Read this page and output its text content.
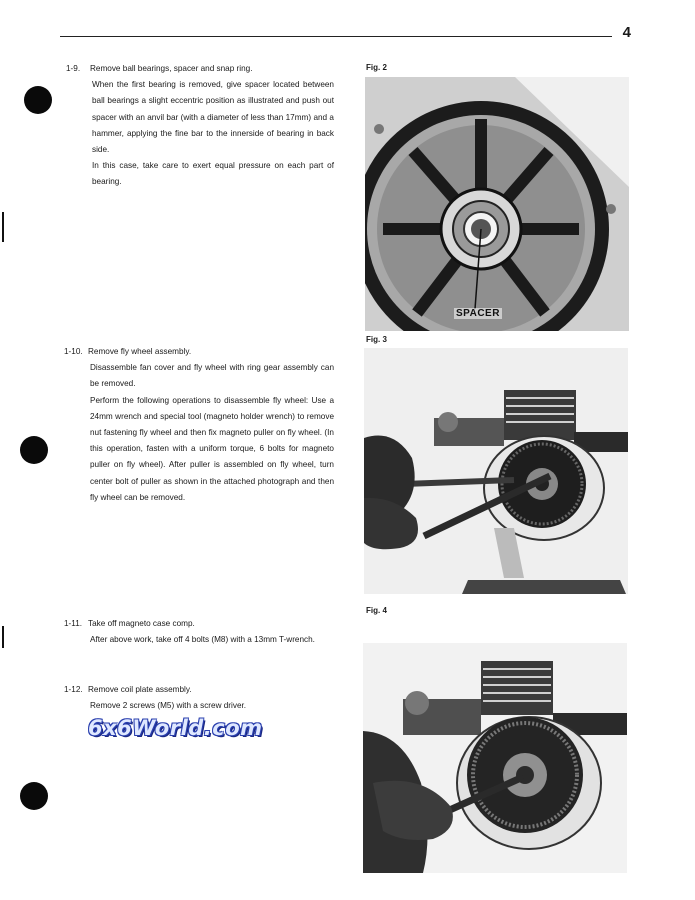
4
1-9. Remove ball bearings, spacer and snap ring.

When the first bearing is removed, give spacer located between ball bearings a slight eccentric position as illustrated and push out spacer with an anvil bar (with a diameter of less than 17mm) and a hammer, applying the fine bar to the innerside of bearing in back side.

In this case, take care to exert equal pressure on each part of bearing.

1-10. Remove fly wheel assembly.

Disassemble fan cover and fly wheel with ring gear assembly can be removed.

Perform the following operations to disassemble fly wheel: Use a 24mm wrench and special tool (magneto holder wrench) to remove nut fastening fly wheel and then fix magneto puller on fly wheel. (In this operation, fasten with a uniform torque, 6 bolts for magneto puller on fly wheel). After puller is assembled on fly wheel, turn center bolt of puller as shown in the attached photograph and then fly wheel can be removed.

1-11. Take off magneto case comp.

After above work, take off 4 bolts (M8) with a 13mm T-wrench.

1-12. Remove coil plate assembly.

Remove 2 screws (M5) with a screw driver.

6x6World.com
Fig. 2
SPACER
Fig. 3
Fig. 4
